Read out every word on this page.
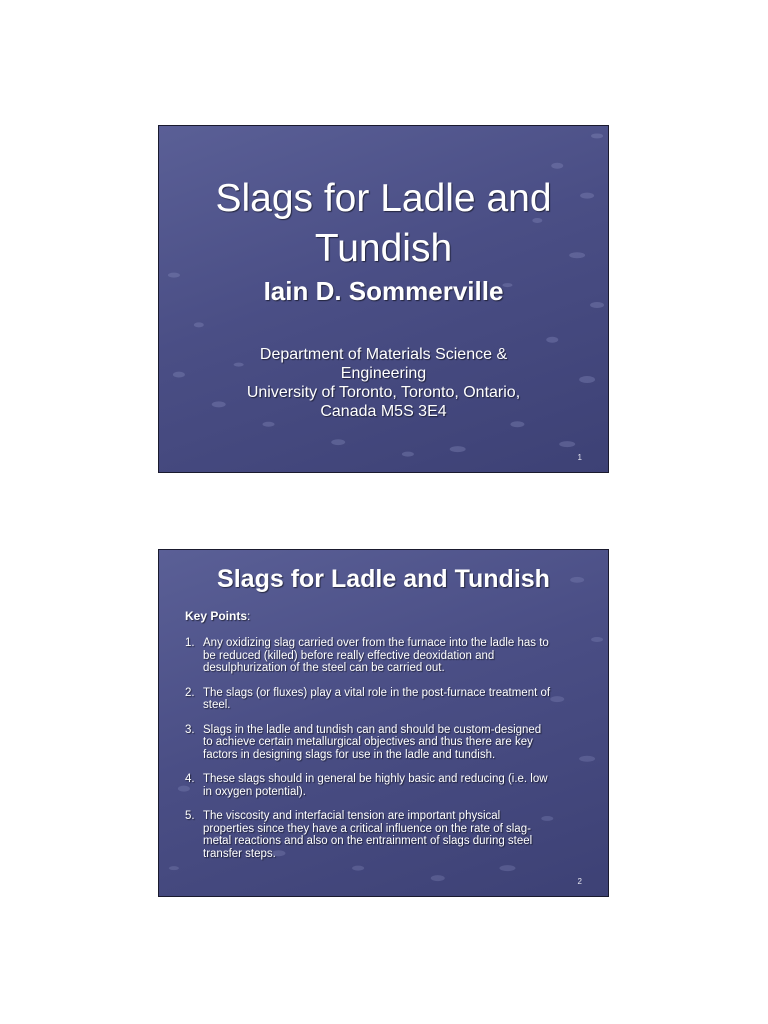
Slags for Ladle and
Tundish
Iain D. Sommerville
Department of Materials Science &
Engineering
University of Toronto, Toronto, Ontario,
Canada M5S 3E4
1
Slags for Ladle and Tundish
Key Points:
1. Any oxidizing slag carried over from the furnace into the ladle has to
be reduced (killed) before really effective deoxidation and
desulphurization of the steel can be carried out.
2. The slags (or fluxes) play a vital role in the post-furnace treatment of
steel.
3. Slags in the ladle and tundish can and should be custom-designed
to achieve certain metallurgical objectives and thus there are key
factors in designing slags for use in the ladle and tundish.
4. These slags should in general be highly basic and reducing (i.e. low
in oxygen potential).
5. The viscosity and interfacial tension are important physical
properties since they have a critical influence on the rate of slag-
metal reactions and also on the entrainment of slags during steel
transfer steps.
2
